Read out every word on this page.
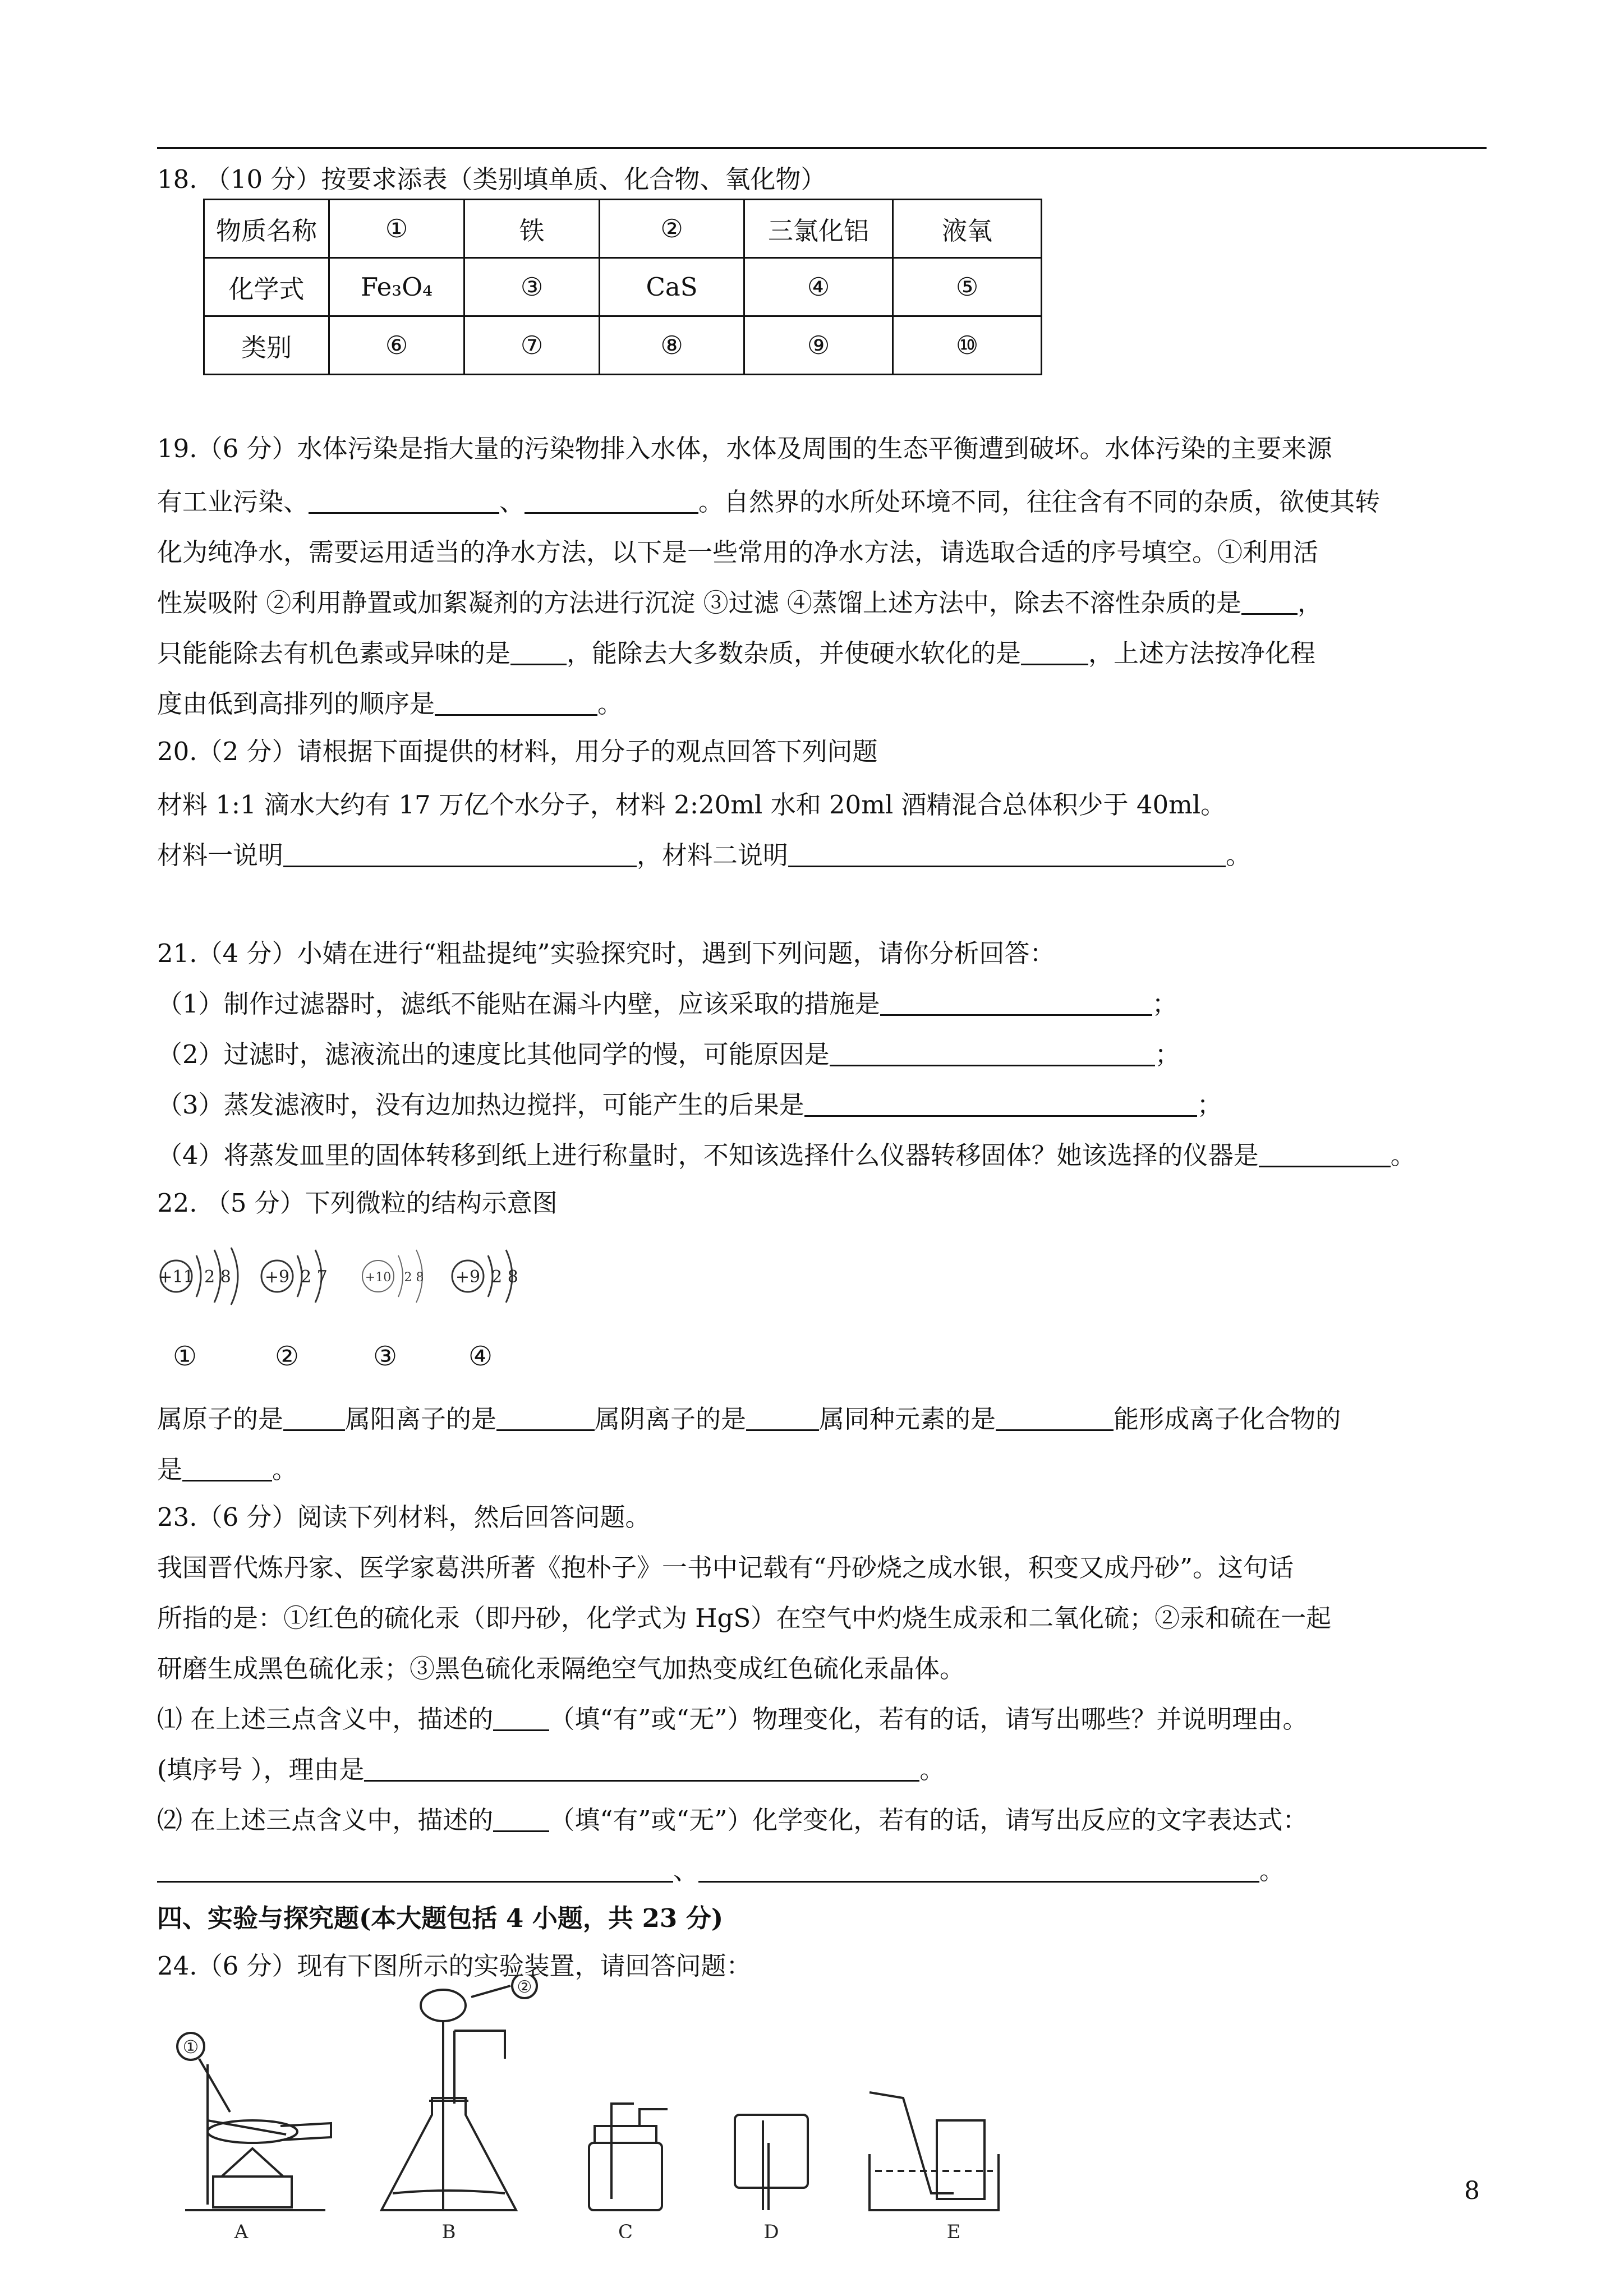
18. （10 分）按要求添表（类别填单质、化合物、氧化物）
物质名称	①	铁	②	三氯化铝	液氧
化学式	Fe₃O₄	③	CaS	④	⑤
类别	⑥	⑦	⑧	⑨	⑩
19.（6 分）水体污染是指大量的污染物排入水体，水体及周围的生态平衡遭到破坏。水体污染的主要来源
有工业污染、	、	。自然界的水所处环境不同，往往含有不同的杂质，欲使其转
化为纯净水，需要运用适当的净水方法，以下是一些常用的净水方法，请选取合适的序号填空。①利用活
性炭吸附 ②利用静置或加絮凝剂的方法进行沉淀 ③过滤 ④蒸馏上述方法中，除去不溶性杂质的是 ，
只能能除去有机色素或异味的是 ，能除去大多数杂质，并使硬水软化的是	，上述方法按净化程
度由低到高排列的顺序是	。
20.（2 分）请根据下面提供的材料，用分子的观点回答下列问题
材料 1:1 滴水大约有 17 万亿个水分子，材料 2:20ml 水和 20ml 酒精混合总体积少于 40ml。
材料一说明	，材料二说明	。
21.（4 分）小婧在进行“粗盐提纯”实验探究时，遇到下列问题，请你分析回答：
（1）制作过滤器时，滤纸不能贴在漏斗内壁，应该采取的措施是	；
（2）过滤时，滤液流出的速度比其他同学的慢，可能原因是	；
（3）蒸发滤液时，没有边加热边搅拌，可能产生的后果是	；
（4）将蒸发皿里的固体转移到纸上进行称量时，不知该选择什么仪器转移固体？她该选择的仪器是	。
22. （5 分）下列微粒的结构示意图
+11 2 8 +9 2 7	+10 2 8 +9 2 8
①	②	③	④
属原子的是 属阳离子的是	属阴离子的是	属同种元素的是	能形成离子化合物的
是	。
23.（6 分）阅读下列材料，然后回答问题。
我国晋代炼丹家、医学家葛洪所著《抱朴子》一书中记载有“丹砂烧之成水银，积变又成丹砂”。这句话
所指的是：①红色的硫化汞（即丹砂，化学式为 HgS）在空气中灼烧生成汞和二氧化硫；②汞和硫在一起
研磨生成黑色硫化汞；③黑色硫化汞隔绝空气加热变成红色硫化汞晶体。
⑴ 在上述三点含义中，描述的 （填“有”或“无”）物理变化，若有的话，请写出哪些？并说明理由。
(填序号 ），理由是	。
⑵ 在上述三点含义中，描述的 （填“有”或“无”）化学变化，若有的话，请写出反应的文字表达式：
、	。
四、实验与探究题(本大题包括 4 小题，共 23 分)
24.（6 分）现有下图所示的实验装置，请回答问题：
①
A
②
B	C	D	E
8
